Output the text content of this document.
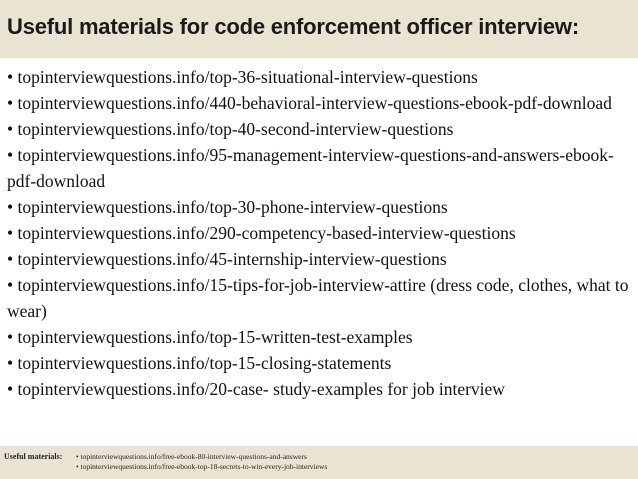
Useful materials for code enforcement officer interview:
• topinterviewquestions.info/top-36-situational-interview-questions
• topinterviewquestions.info/440-behavioral-interview-questions-ebook-pdf-download
• topinterviewquestions.info/top-40-second-interview-questions
• topinterviewquestions.info/95-management-interview-questions-and-answers-ebook-pdf-download
• topinterviewquestions.info/top-30-phone-interview-questions
• topinterviewquestions.info/290-competency-based-interview-questions
• topinterviewquestions.info/45-internship-interview-questions
• topinterviewquestions.info/15-tips-for-job-interview-attire (dress code, clothes, what to wear)
• topinterviewquestions.info/top-15-written-test-examples
• topinterviewquestions.info/top-15-closing-statements
• topinterviewquestions.info/20-case- study-examples for job interview
Useful materials: • topinterviewquestions.info/free-ebook-80-interview-questions-and-answers
• topinterviewquestions.info/free-ebook-top-18-secrets-to-win-every-job-interviews
